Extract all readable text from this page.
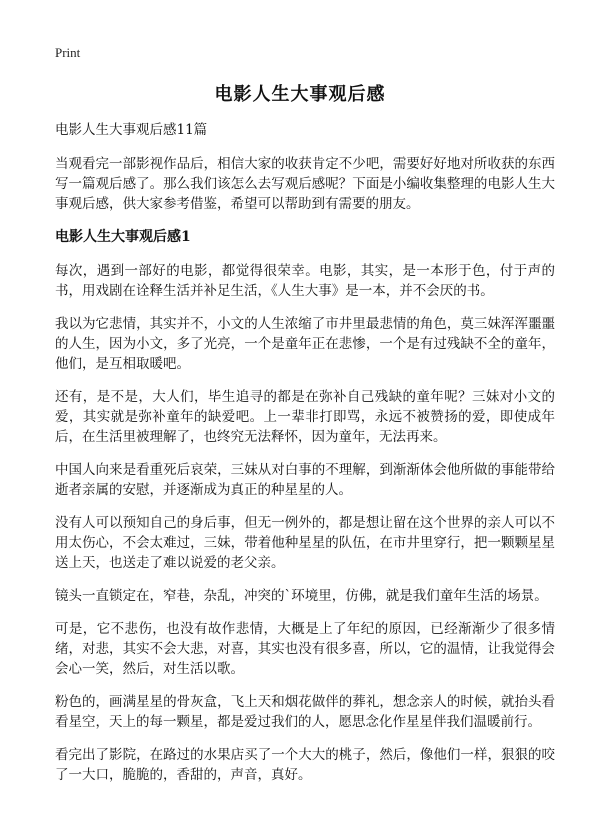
Print
电影人生大事观后感
电影人生大事观后感11篇

当观看完一部影视作品后，相信大家的收获肯定不少吧，需要好好地对所收获的东西写一篇观后感了。那么我们该怎么去写观后感呢？下面是小编收集整理的电影人生大事观后感，供大家参考借鉴，希望可以帮助到有需要的朋友。

电影人生大事观后感1

每次，遇到一部好的电影，都觉得很荣幸。电影，其实，是一本形于色，付于声的书，用戏剧在诠释生活并补足生活，《人生大事》是一本，并不会厌的书。

我以为它悲情，其实并不，小文的人生浓缩了市井里最悲情的角色，莫三妹浑浑噩噩的人生，因为小文，多了光亮，一个是童年正在悲惨，一个是有过残缺不全的童年，他们，是互相取暖吧。

还有，是不是，大人们，毕生追寻的都是在弥补自己残缺的童年呢？三妹对小文的爱，其实就是弥补童年的缺爱吧。上一辈非打即骂，永远不被赞扬的爱，即使成年后，在生活里被理解了，也终究无法释怀，因为童年，无法再来。

中国人向来是看重死后哀荣，三妹从对白事的不理解，到渐渐体会他所做的事能带给逝者亲属的安慰，并逐渐成为真正的种星星的人。

没有人可以预知自己的身后事，但无一例外的，都是想让留在这个世界的亲人可以不用太伤心，不会太难过，三妹，带着他种星星的队伍，在市井里穿行，把一颗颗星星送上天，也送走了难以说爱的老父亲。

镜头一直锁定在，窄巷，杂乱，冲突的`环境里，仿佛，就是我们童年生活的场景。

可是，它不悲伤，也没有故作悲情，大概是上了年纪的原因，已经渐渐少了很多情绪，对悲，其实不会大悲，对喜，其实也没有很多喜，所以，它的温情，让我觉得会会心一笑，然后，对生活以歌。

粉色的，画满星星的骨灰盒，飞上天和烟花做伴的葬礼，想念亲人的时候，就抬头看看星空，天上的每一颗星，都是爱过我们的人，愿思念化作星星伴我们温暖前行。

看完出了影院，在路过的水果店买了一个大大的桃子，然后，像他们一样，狠狠的咬了一大口，脆脆的，香甜的，声音，真好。
